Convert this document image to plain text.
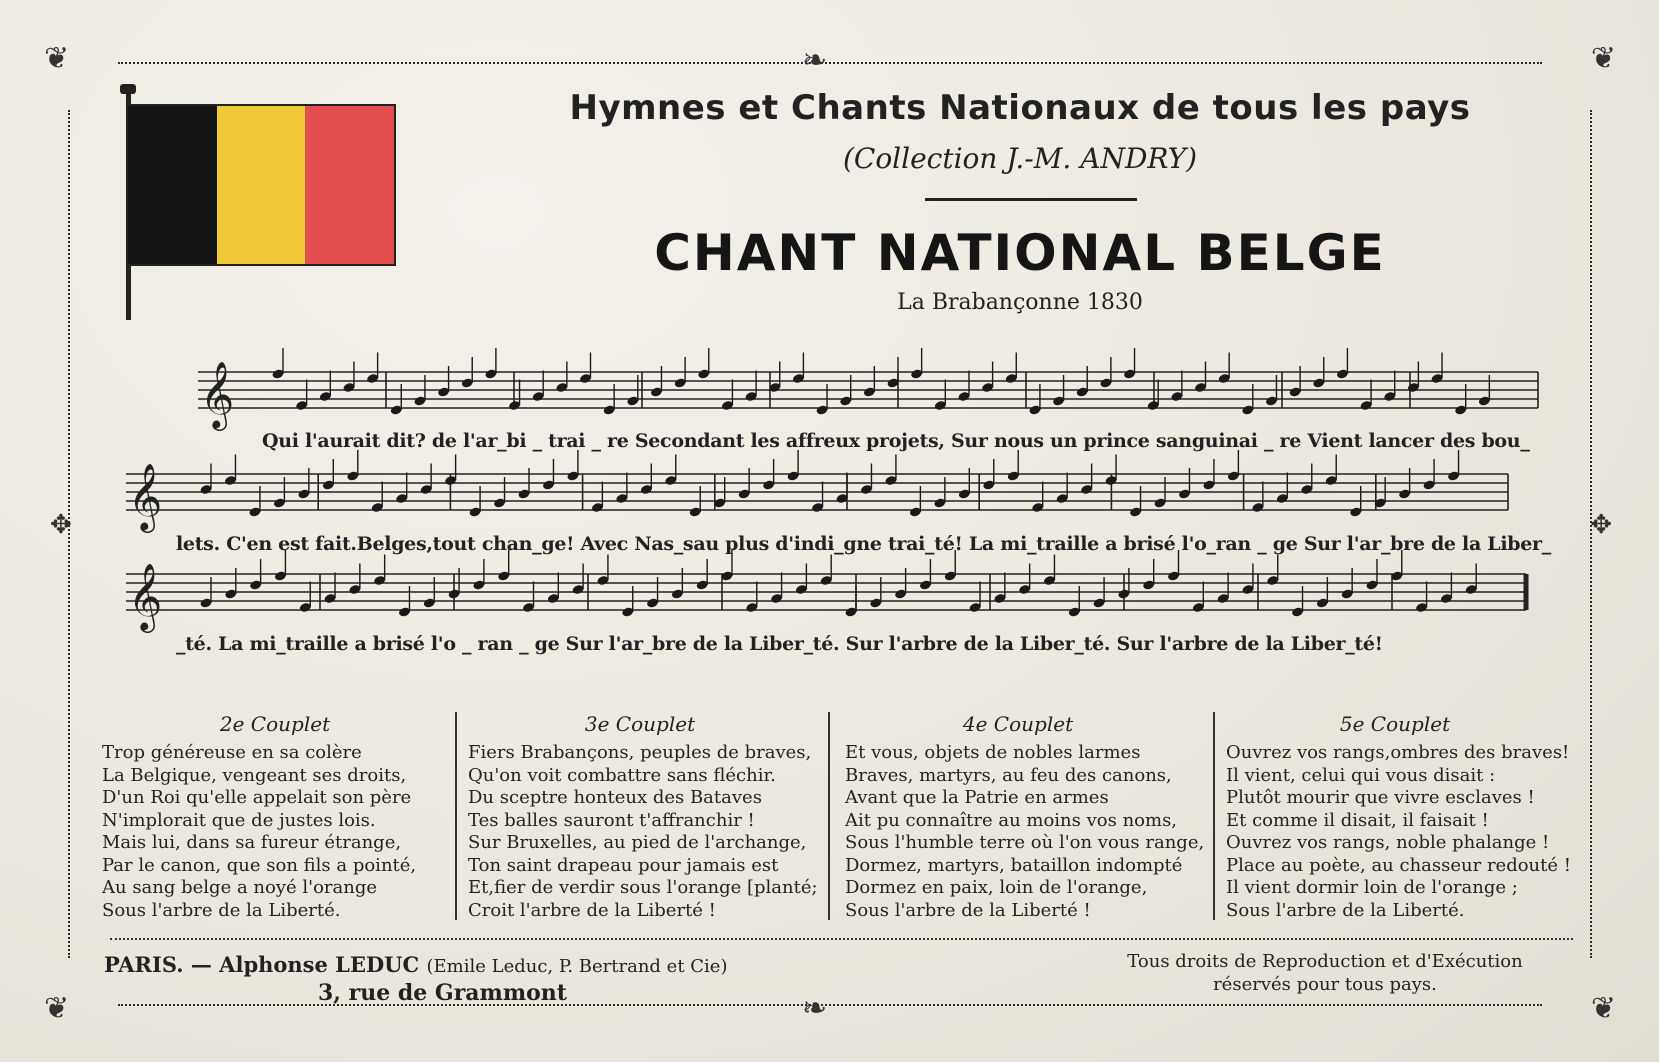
❦	❦
❦	❦
❧
❧
✥	✥
Hymnes et Chants Nationaux de tous les pays
(Collection J.-M. ANDRY)
CHANT NATIONAL BELGE
La Brabançonne 1830
𝄞
𝄞
𝄞
Qui l'aurait dit? de l'ar_bi _ trai _ re Secondant les affreux projets, Sur nous un prince sanguinai _ re Vient lancer des bou_
lets. C'en est fait.Belges,tout chan_ge! Avec Nas_sau plus d'indi_gne trai_té! La mi_traille a brisé l'o_ran _ ge Sur l'ar_bre de la Liber_
_té. La mi_traille a brisé l'o _ ran _ ge Sur l'ar_bre de la Liber_té. Sur l'arbre de la Liber_té. Sur l'arbre de la Liber_té!
2e Couplet
Trop généreuse en sa colère
La Belgique, vengeant ses droits,
D'un Roi qu'elle appelait son père
N'implorait que de justes lois.
Mais lui, dans sa fureur étrange,
Par le canon, que son fils a pointé,
Au sang belge a noyé l'orange
Sous l'arbre de la Liberté.
3e Couplet
Fiers Brabançons, peuples de braves,
Qu'on voit combattre sans fléchir.
Du sceptre honteux des Bataves
Tes balles sauront t'affranchir !
Sur Bruxelles, au pied de l'archange,
Ton saint drapeau pour jamais est
Et,fier de verdir sous l'orange [planté;
Croit l'arbre de la Liberté !
4e Couplet
Et vous, objets de nobles larmes
Braves, martyrs, au feu des canons,
Avant que la Patrie en armes
Ait pu connaître au moins vos noms,
Sous l'humble terre où l'on vous range,
Dormez, martyrs, bataillon indompté
Dormez en paix, loin de l'orange,
Sous l'arbre de la Liberté !
5e Couplet
Ouvrez vos rangs,ombres des braves!
Il vient, celui qui vous disait :
Plutôt mourir que vivre esclaves !
Et comme il disait, il faisait !
Ouvrez vos rangs, noble phalange !
Place au poète, au chasseur redouté !
Il vient dormir loin de l'orange ;
Sous l'arbre de la Liberté.
PARIS. — Alphonse LEDUC (Emile Leduc, P. Bertrand et Cie)
3, rue de Grammont
Tous droits de Reproduction et d'Exécution
réservés pour tous pays.
